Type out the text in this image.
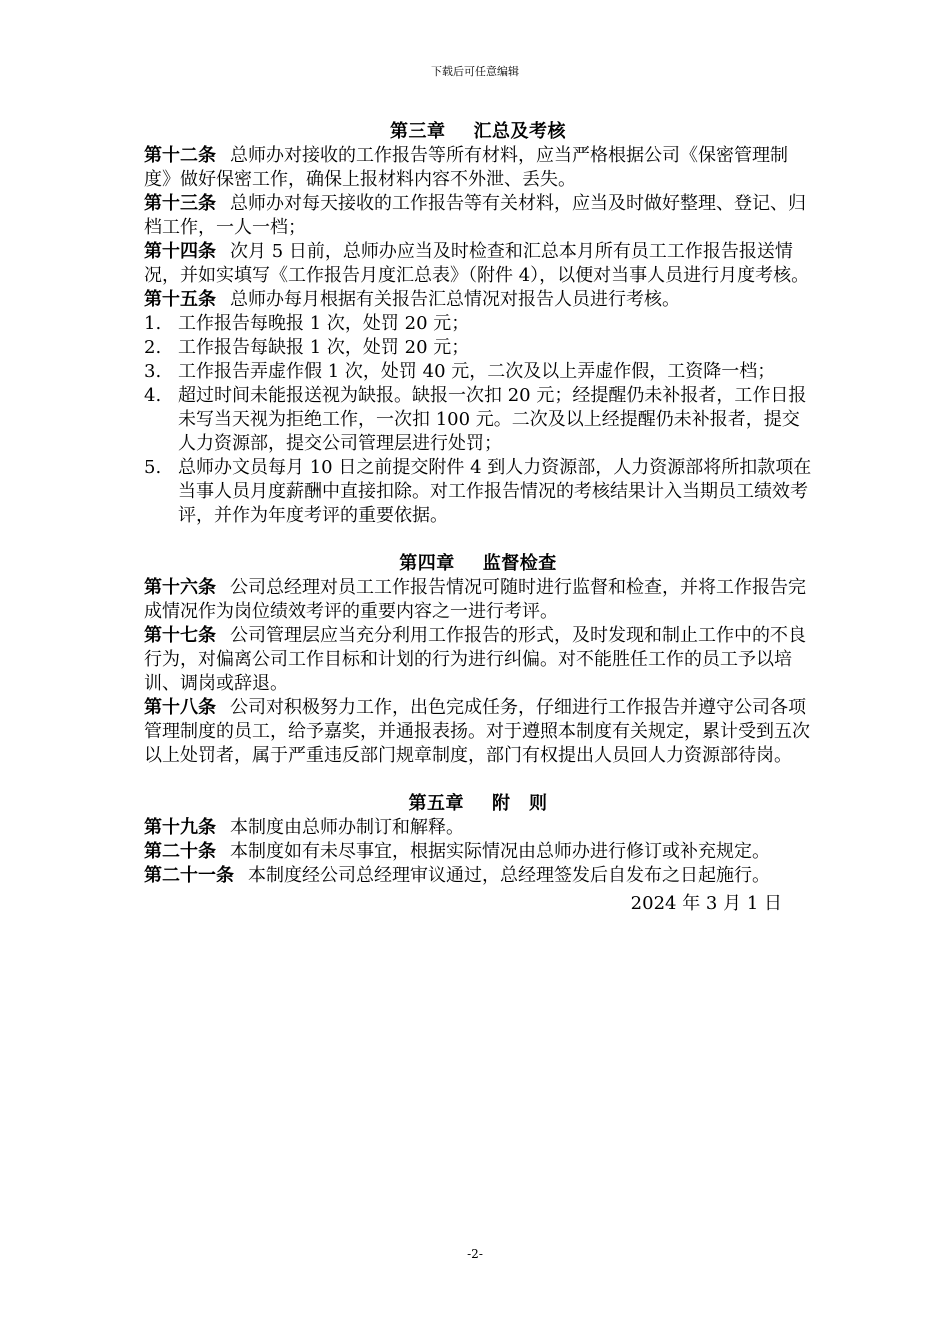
下载后可任意编辑
第三章 汇总及考核

第十二条 总师办对接收的工作报告等所有材料，应当严格根据公司《保密管理制度》做好保密工作，确保上报材料内容不外泄、丢失。

第十三条 总师办对每天接收的工作报告等有关材料，应当及时做好整理、登记、归档工作，一人一档；

第十四条 次月 5 日前，总师办应当及时检查和汇总本月所有员工工作报告报送情况，并如实填写《工作报告月度汇总表》（附件 4），以便对当事人员进行月度考核。

第十五条 总师办每月根据有关报告汇总情况对报告人员进行考核。

1. 工作报告每晚报 1 次，处罚 20 元；
2. 工作报告每缺报 1 次，处罚 20 元；
3. 工作报告弄虚作假 1 次，处罚 40 元，二次及以上弄虚作假，工资降一档；
4. 超过时间未能报送视为缺报。缺报一次扣 20 元；经提醒仍未补报者，工作日报未写当天视为拒绝工作，一次扣 100 元。二次及以上经提醒仍未补报者，提交人力资源部，提交公司管理层进行处罚；
5. 总师办文员每月 10 日之前提交附件 4 到人力资源部，人力资源部将所扣款项在当事人员月度薪酬中直接扣除。对工作报告情况的考核结果计入当期员工绩效考评，并作为年度考评的重要依据。
第四章 监督检查

第十六条 公司总经理对员工工作报告情况可随时进行监督和检查，并将工作报告完成情况作为岗位绩效考评的重要内容之一进行考评。

第十七条 公司管理层应当充分利用工作报告的形式，及时发现和制止工作中的不良行为，对偏离公司工作目标和计划的行为进行纠偏。对不能胜任工作的员工予以培训、调岗或辞退。

第十八条 公司对积极努力工作，出色完成任务，仔细进行工作报告并遵守公司各项管理制度的员工，给予嘉奖，并通报表扬。对于遵照本制度有关规定，累计受到五次以上处罚者，属于严重违反部门规章制度，部门有权提出人员回人力资源部待岗。

第五章 附　则

第十九条 本制度由总师办制订和解释。

第二十条 本制度如有未尽事宜，根据实际情况由总师办进行修订或补充规定。

第二十一条 本制度经公司总经理审议通过，总经理签发后自发布之日起施行。

2024 年 3 月 1 日
-2-
